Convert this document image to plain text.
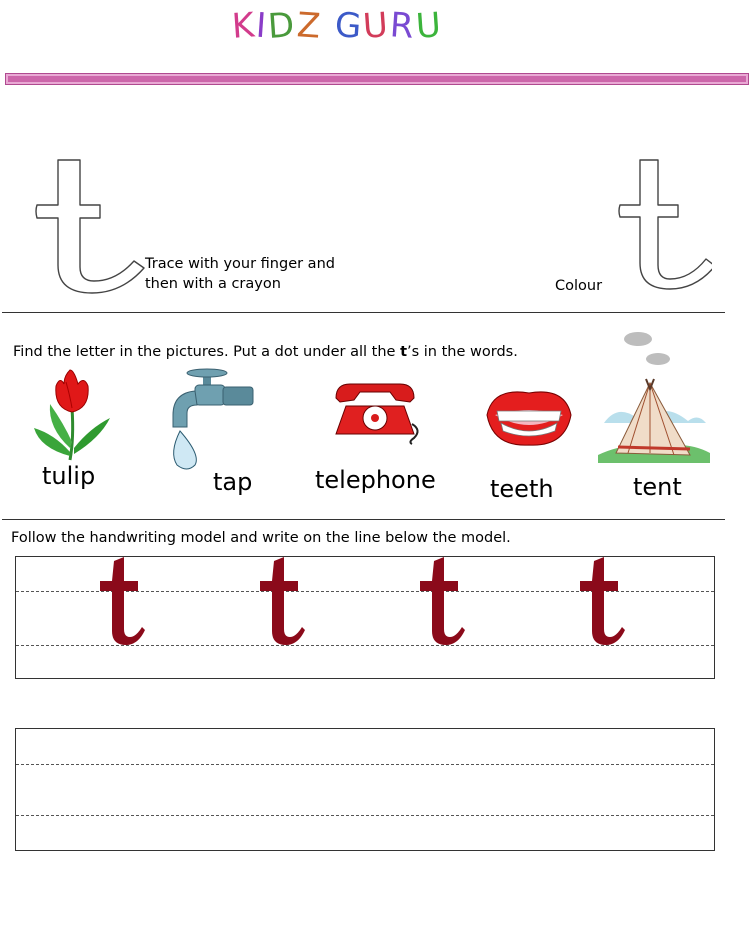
KIDZ GURU
Trace with your finger and
then with a crayon	Colour
Find the letter in the pictures. Put a dot under all the t’s in the words.
tulip	tap	telephone teeth	tent
Follow the handwriting model and write on the line below the model.
